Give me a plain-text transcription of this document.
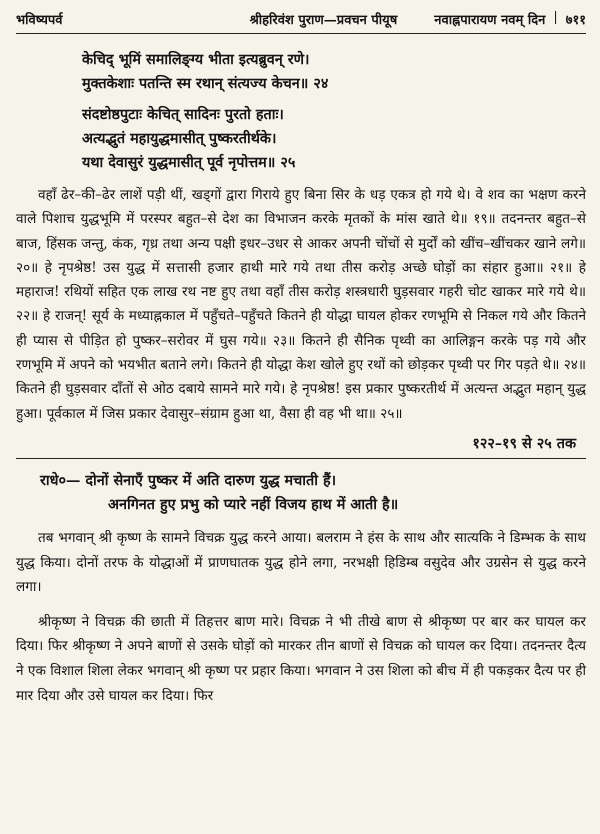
भविष्यपर्व	श्रीहरिवंश पुराण—प्रवचन पीयूष	नवाह्नपारायण नवम् दिन | ७११
केचिद् भूमिं समालिङ्ग्य भीता इत्यब्रुवन् रणे।
मुक्तकेशाः पतन्ति स्म रथान् संत्यज्य केचन॥ २४
संदष्टोष्ठपुटाः केचित् सादिनः पुरतो हताः।
अत्यद्भुतं महायुद्धमासीत् पुष्करतीर्थके।
यथा देवासुरं युद्धमासीत् पूर्व नृपोत्तम॥ २५

वहाँ ढेर–की–ढेर लाशें पड़ी थीं, खड्गों द्वारा गिराये हुए बिना सिर के धड़ एकत्र हो गये थे। वे शव का भक्षण करने वाले पिशाच युद्धभूमि में परस्पर बहुत–से देश का विभाजन करके मृतकों के मांस खाते थे॥ १९॥ तदनन्तर बहुत–से बाज, हिंसक जन्तु, कंक, गृध्र तथा अन्य पक्षी इधर–उधर से आकर अपनी चोंचों से मुर्दों को खींच–खींचकर खाने लगे॥ २०॥ हे नृपश्रेष्ठ! उस युद्ध में सत्तासी हजार हाथी मारे गये तथा तीस करोड़ अच्छे घोड़ों का संहार हुआ॥ २१॥ हे महाराज! रथियों सहित एक लाख रथ नष्ट हुए तथा वहाँ तीस करोड़ शस्त्रधारी घुड़सवार गहरी चोट खाकर मारे गये थे॥ २२॥ हे राजन्! सूर्य के मध्याह्नकाल में पहुँचते–पहुँचते कितने ही योद्धा घायल होकर रणभूमि से निकल गये और कितने ही प्यास से पीड़ित हो पुष्कर–सरोवर में घुस गये॥ २३॥ कितने ही सैनिक पृथ्वी का आलिङ्गन करके पड़ गये और रणभूमि में अपने को भयभीत बताने लगे। कितने ही योद्धा केश खोले हुए रथों को छोड़कर पृथ्वी पर गिर पड़ते थे॥ २४॥ कितने ही घुड़सवार दाँतों से ओठ दबाये सामने मारे गये। हे नृपश्रेष्ठ! इस प्रकार पुष्करतीर्थ में अत्यन्त अद्भुत महान् युद्ध हुआ। पूर्वकाल में जिस प्रकार देवासुर–संग्राम हुआ था, वैसा ही वह भी था॥ २५॥

१२२–१९ से २५ तक
राधे०— दोनों सेनाएँ पुष्कर में अति दारुण युद्ध मचाती हैं।
अनगिनत हुए प्रभु को प्यारे नहीं विजय हाथ में आती है॥

तब भगवान् श्री कृष्ण के सामने विचक्र युद्ध करने आया। बलराम ने हंस के साथ और सात्यकि ने डिम्भक के साथ युद्ध किया। दोनों तरफ के योद्धाओं में प्राणघातक युद्ध होने लगा, नरभक्षी हिडिम्ब वसुदेव और उग्रसेन से युद्ध करने लगा।

श्रीकृष्ण ने विचक्र की छाती में तिहत्तर बाण मारे। विचक्र ने भी तीखे बाण से श्रीकृष्ण पर बार कर घायल कर दिया। फिर श्रीकृष्ण ने अपने बाणों से उसके घोड़ों को मारकर तीन बाणों से विचक्र को घायल कर दिया। तदनन्तर दैत्य ने एक विशाल शिला लेकर भगवान् श्री कृष्ण पर प्रहार किया। भगवान ने उस शिला को बीच में ही पकड़कर दैत्य पर ही मार दिया और उसे घायल कर दिया। फिर
